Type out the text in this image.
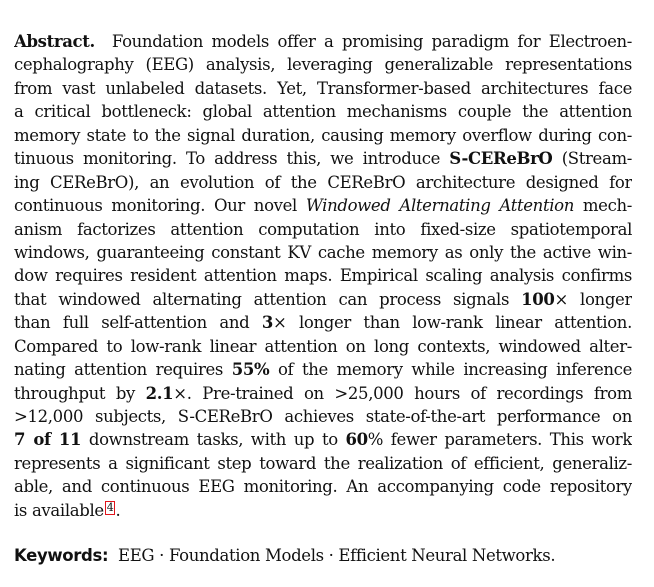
Abstract. Foundation models offer a promising paradigm for Electroen-
cephalography (EEG) analysis, leveraging generalizable representations
from vast unlabeled datasets. Yet, Transformer-based architectures face
a critical bottleneck: global attention mechanisms couple the attention
memory state to the signal duration, causing memory overflow during con-
tinuous monitoring. To address this, we introduce S-CEReBrO (Stream-
ing CEReBrO), an evolution of the CEReBrO architecture designed for
continuous monitoring. Our novel Windowed Alternating Attention mech-
anism factorizes attention computation into fixed-size spatiotemporal
windows, guaranteeing constant KV cache memory as only the active win-
dow requires resident attention maps. Empirical scaling analysis confirms
that windowed alternating attention can process signals 100× longer
than full self-attention and 3× longer than low-rank linear attention.
Compared to low-rank linear attention on long contexts, windowed alter-
nating attention requires 55% of the memory while increasing inference
throughput by 2.1×. Pre-trained on >25,000 hours of recordings from
>12,000 subjects, S-CEReBrO achieves state-of-the-art performance on
7 of 11 downstream tasks, with up to 60% fewer parameters. This work
represents a significant step toward the realization of efficient, generaliz-
able, and continuous EEG monitoring. An accompanying code repository
is available 4 .
Keywords: EEG · Foundation Models · Efficient Neural Networks.
